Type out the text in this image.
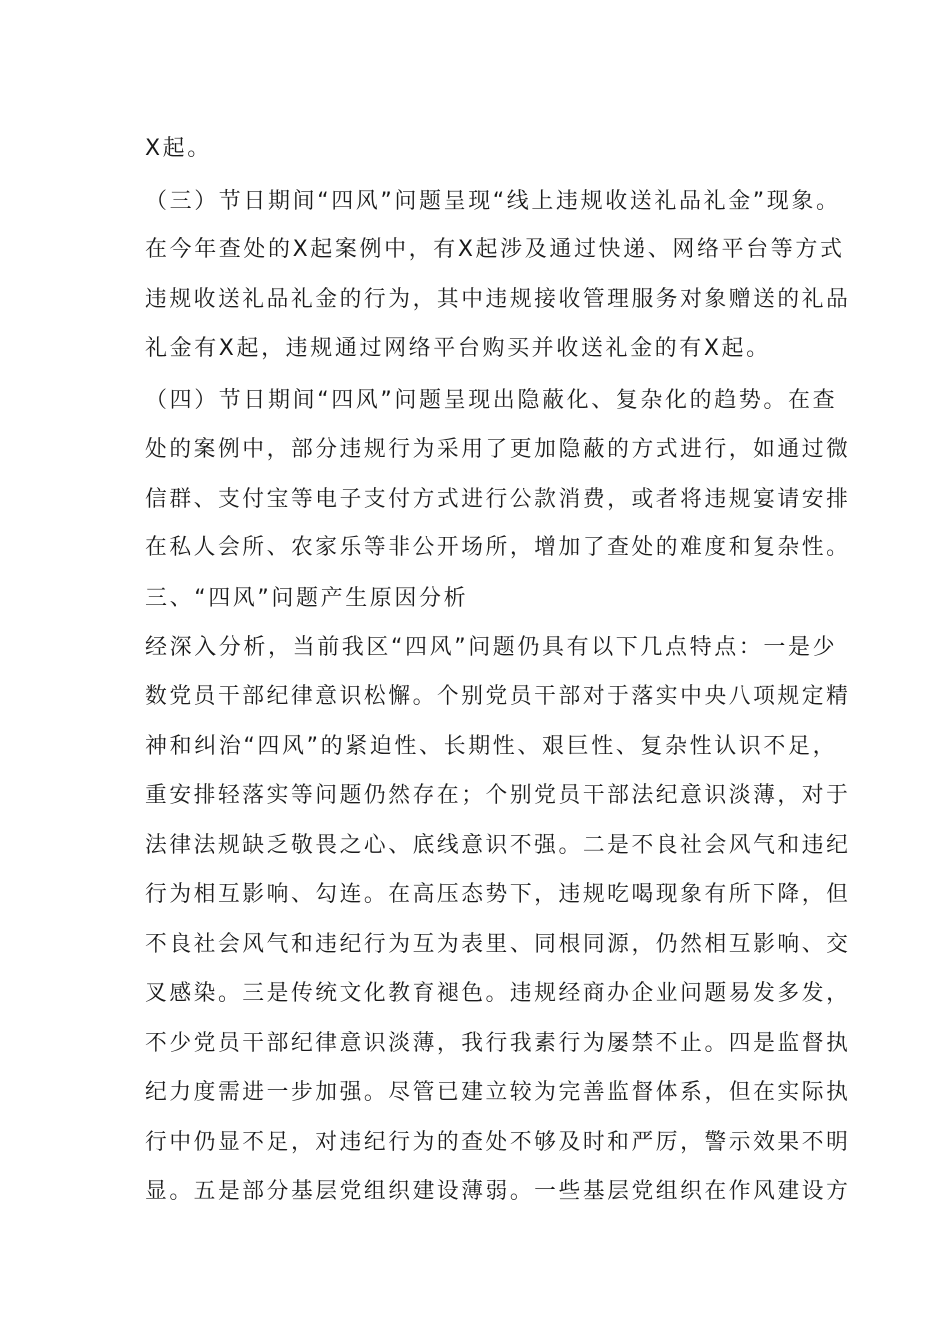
X起。
（三）节日期间“四风”问题呈现“线上违规收送礼品礼金”现象。
在今年查处的X起案例中，有X起涉及通过快递、网络平台等方式
违规收送礼品礼金的行为，其中违规接收管理服务对象赠送的礼品
礼金有X起，违规通过网络平台购买并收送礼金的有X起。
（四）节日期间“四风”问题呈现出隐蔽化、复杂化的趋势。在查
处的案例中，部分违规行为采用了更加隐蔽的方式进行，如通过微
信群、支付宝等电子支付方式进行公款消费，或者将违规宴请安排
在私人会所、农家乐等非公开场所，增加了查处的难度和复杂性。
三、“四风”问题产生原因分析
经深入分析，当前我区“四风”问题仍具有以下几点特点：一是少
数党员干部纪律意识松懈。个别党员干部对于落实中央八项规定精
神和纠治“四风”的紧迫性、长期性、艰巨性、复杂性认识不足，
重安排轻落实等问题仍然存在；个别党员干部法纪意识淡薄，对于
法律法规缺乏敬畏之心、底线意识不强。二是不良社会风气和违纪
行为相互影响、勾连。在高压态势下，违规吃喝现象有所下降，但
不良社会风气和违纪行为互为表里、同根同源，仍然相互影响、交
叉感染。三是传统文化教育褪色。违规经商办企业问题易发多发，
不少党员干部纪律意识淡薄，我行我素行为屡禁不止。四是监督执
纪力度需进一步加强。尽管已建立较为完善监督体系，但在实际执
行中仍显不足，对违纪行为的查处不够及时和严厉，警示效果不明
显。五是部分基层党组织建设薄弱。一些基层党组织在作风建设方
